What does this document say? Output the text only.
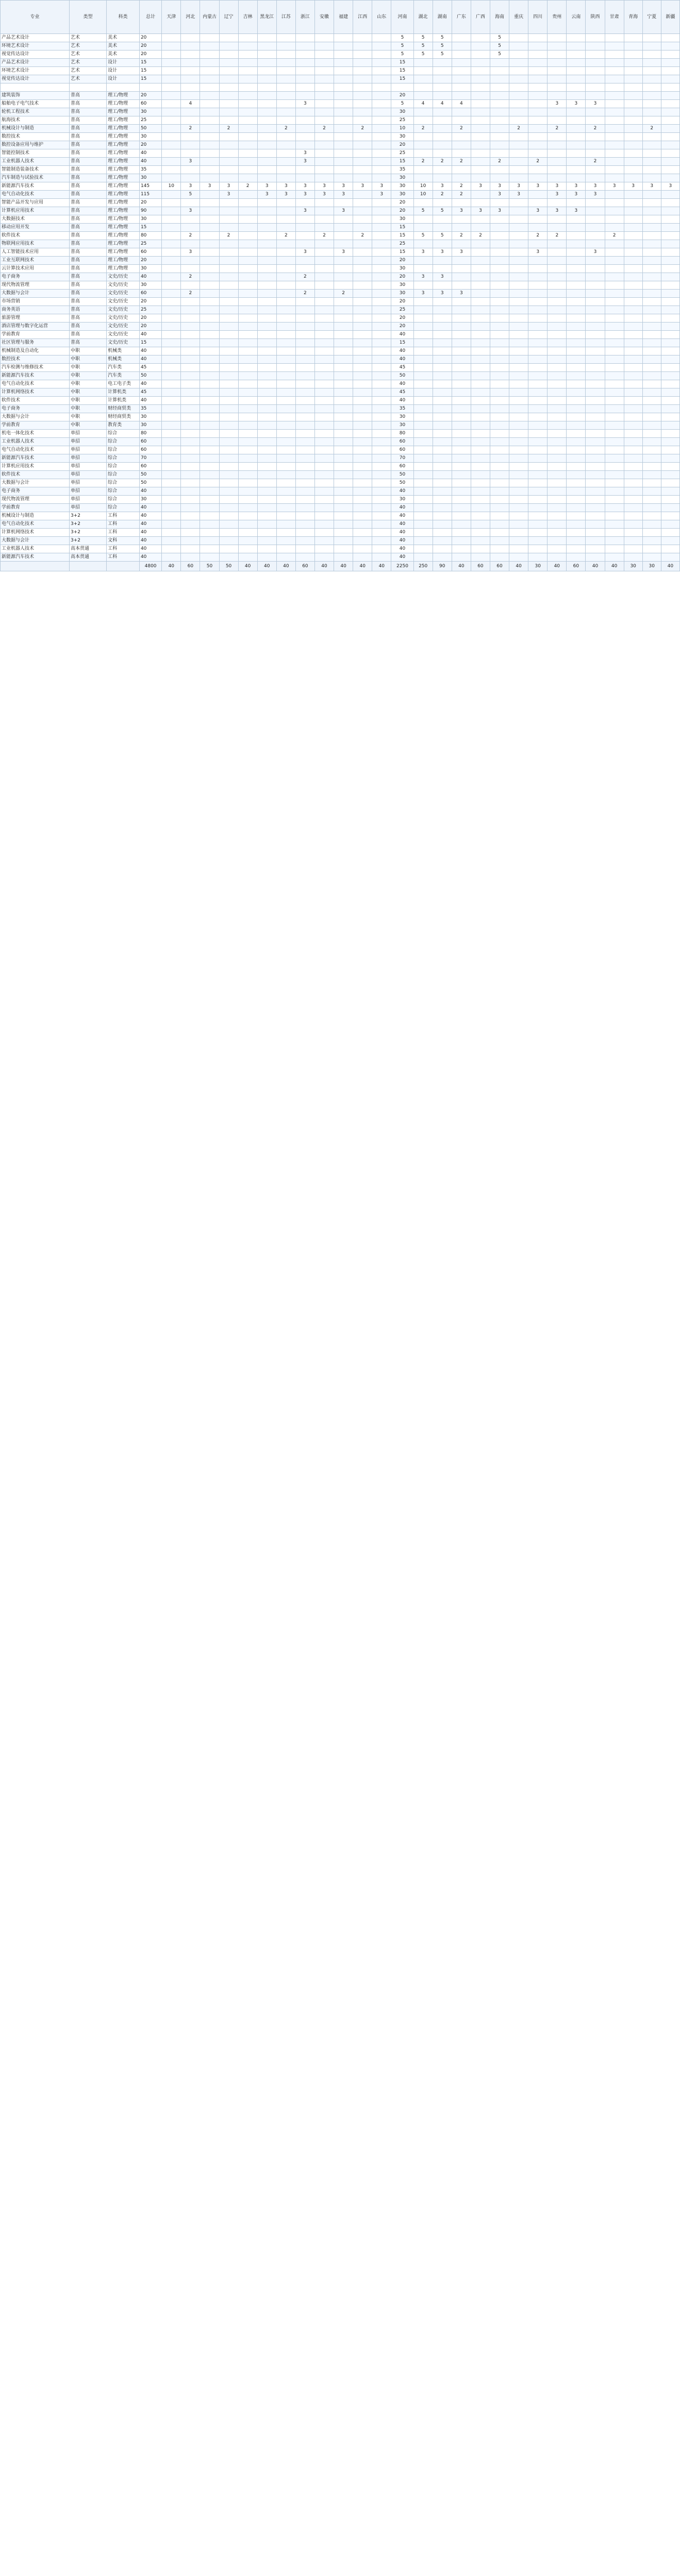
专业	类型	科类	总计	天津	河北	内蒙古	辽宁	吉林	黑龙江	江苏	浙江	安徽	福建	江西	山东	河南	湖北	湖南	广东	广西	海南	重庆	四川	贵州	云南	陕西	甘肃	青海	宁夏	新疆
产品艺术设计	艺术	美术	20													5	5	5			5									
环境艺术设计	艺术	美术	20													5	5	5			5									
视觉传达设计	艺术	美术	20													5	5	5			5									
产品艺术设计	艺术	设计	15													15														
环境艺术设计	艺术	设计	15													15														
视觉传达设计	艺术	设计	15													15														

建筑装饰	普高	理工/物理	20													20														
船舶电子电气技术	普高	理工/物理	60		4						3					5	4	4	4					3	3	3				
轮机工程技术	普高	理工/物理	30													30														
航海技术	普高	理工/物理	25													25														
机械设计与制造	普高	理工/物理	50		2		2			2		2		2		10	2		2			2		2		2			2	
数控技术	普高	理工/物理	30													30														
数控设备应用与维护	普高	理工/物理	20													20														
智能控制技术	普高	理工/物理	40								3					25														
工业机器人技术	普高	理工/物理	40		3						3					15	2	2	2		2		2			2				
智能制造装备技术	普高	理工/物理	35													35														
汽车制造与试验技术	普高	理工/物理	30													30														
新能源汽车技术	普高	理工/物理	145	10	3	3	3	2	3	3	3	3	3	3	3	30	10	3	2	3	3	3	3	3	3	3	3	3	3	3
电气自动化技术	普高	理工/物理	115		5		3		3	3	3	3	3		3	30	10	2	2		3	3		3	3	3				
智能产品开发与应用	普高	理工/物理	20													20														
计算机应用技术	普高	理工/物理	90		3						3		3			20	5	5	3	3	3		3	3	3					
大数据技术	普高	理工/物理	30													30														
移动应用开发	普高	理工/物理	15													15														
软件技术	普高	理工/物理	80		2		2			2		2		2		15	5	5	2	2			2	2			2			
物联网应用技术	普高	理工/物理	25													25														
人工智能技术应用	普高	理工/物理	60		3						3		3			15	3	3	3				3			3				
工业互联网技术	普高	理工/物理	20													20														
云计算技术应用	普高	理工/物理	30													30														
电子商务	普高	文史/历史	40		2						2					20	3	3												
现代物流管理	普高	文史/历史	30													30														
大数据与会计	普高	文史/历史	60		2						2		2			30	3	3	3											
市场营销	普高	文史/历史	20													20														
商务英语	普高	文史/历史	25													25														
旅游管理	普高	文史/历史	20													20														
酒店管理与数字化运营	普高	文史/历史	20													20														
学前教育	普高	文史/历史	40													40														
社区管理与服务	普高	文史/历史	15													15														
机械制造及自动化	中职	机械类	40													40														
数控技术	中职	机械类	40													40														
汽车检测与维修技术	中职	汽车类	45													45														
新能源汽车技术	中职	汽车类	50													50														
电气自动化技术	中职	电工电子类	40													40														
计算机网络技术	中职	计算机类	45													45														
软件技术	中职	计算机类	40													40														
电子商务	中职	财经商贸类	35													35														
大数据与会计	中职	财经商贸类	30													30														
学前教育	中职	教育类	30													30														
机电一体化技术	单招	综合	80													80														
工业机器人技术	单招	综合	60													60														
电气自动化技术	单招	综合	60													60														
新能源汽车技术	单招	综合	70													70														
计算机应用技术	单招	综合	60													60														
软件技术	单招	综合	50													50														
大数据与会计	单招	综合	50													50														
电子商务	单招	综合	40													40														
现代物流管理	单招	综合	30													30														
学前教育	单招	综合	40													40														
机械设计与制造	3+2	工科	40													40														
电气自动化技术	3+2	工科	40													40														
计算机网络技术	3+2	工科	40													40														
大数据与会计	3+2	文科	40													40														
工业机器人技术	高本贯通	工科	40													40														
新能源汽车技术	高本贯通	工科	40													40														
			4800	40	60	50	50	40	40	40	60	40	40	40	40	2250	250	90	40	60	60	40	30	40	60	40	40	30	30	40
